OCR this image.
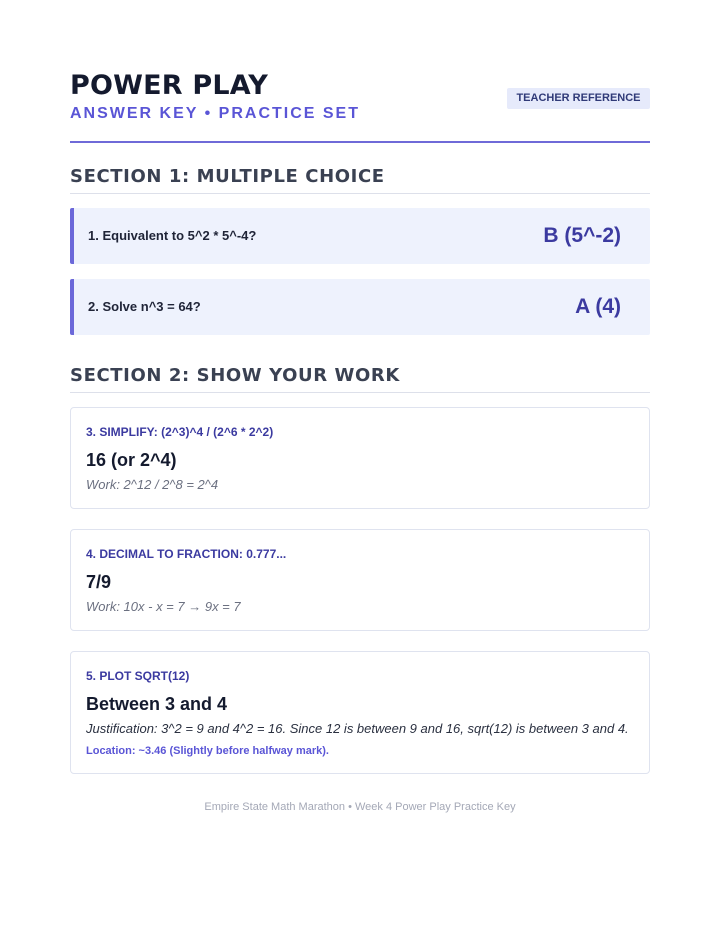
POWER PLAY
ANSWER KEY • PRACTICE SET
TEACHER REFERENCE
SECTION 1: MULTIPLE CHOICE
1. Equivalent to 5^2 * 5^-4?	B (5^-2)
2. Solve n^3 = 64?	A (4)
SECTION 2: SHOW YOUR WORK
3. SIMPLIFY: (2^3)^4 / (2^6 * 2^2)
16 (or 2^4)
Work: 2^12 / 2^8 = 2^4
4. DECIMAL TO FRACTION: 0.777...
7/9
Work: 10x - x = 7 → 9x = 7
5. PLOT SQRT(12)
Between 3 and 4
Justification: 3^2 = 9 and 4^2 = 16. Since 12 is between 9 and 16, sqrt(12) is between 3 and 4.
Location: ~3.46 (Slightly before halfway mark).
Empire State Math Marathon • Week 4 Power Play Practice Key
